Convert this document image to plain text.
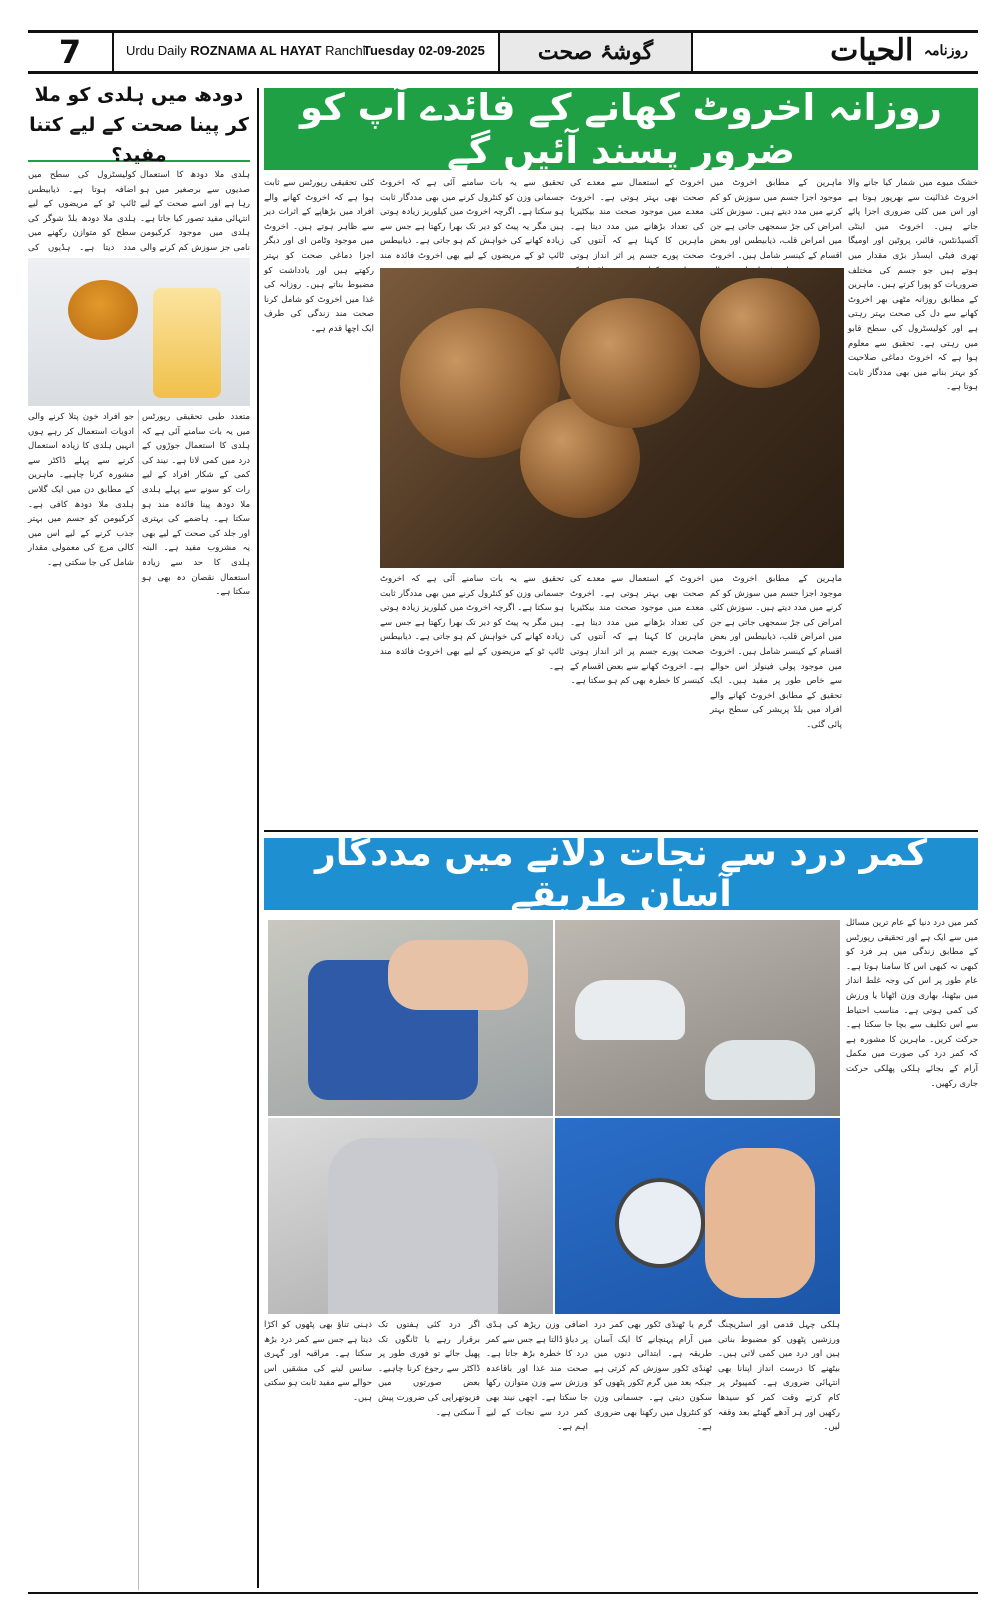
7	Urdu Daily ROZNAMA AL HAYAT Ranchi
Tuesday 02-09-2025	گوشۂ صحت	$^{روزنامہ}$ الحیات
روزانہ اخروٹ کھانے کے فائدے آپ کو ضرور پسند آئیں گے
دودھ میں ہلدی کو ملا کر پینا صحت کے لیے کتنا مفید؟
ہلدی ملا دودھ کا استعمال صدیوں سے برصغیر میں ہو رہا ہے اور اسے صحت کے لیے انتہائی مفید تصور کیا جاتا ہے۔ ہلدی میں موجود کرکیومن نامی جز سوزش کم کرنے والی
کولیسٹرول کی سطح میں اضافہ ہوتا ہے۔ ذیابیطس ٹائپ ٹو کے مریضوں کے لیے ہلدی ملا دودھ بلڈ شوگر کی سطح کو متوازن رکھنے میں مدد دیتا ہے۔ ہڈیوں کی
متعدد طبی تحقیقی رپورٹس میں یہ بات سامنے آئی ہے کہ ہلدی کا استعمال جوڑوں کے درد میں کمی لاتا ہے۔ نیند کی کمی کے شکار افراد کے لیے رات کو سونے سے پہلے ہلدی ملا دودھ پینا فائدہ مند ہو سکتا ہے۔ ہاضمے کی بہتری اور جلد کی صحت کے لیے بھی یہ مشروب مفید ہے۔ البتہ ہلدی کا حد سے زیادہ استعمال نقصان دہ بھی ہو سکتا ہے۔
جو افراد خون پتلا کرنے والی ادویات استعمال کر رہے ہوں انہیں ہلدی کا زیادہ استعمال کرنے سے پہلے ڈاکٹر سے مشورہ کرنا چاہیے۔ ماہرین کے مطابق دن میں ایک گلاس ہلدی ملا دودھ کافی ہے۔ کرکیومن کو جسم میں بہتر جذب کرنے کے لیے اس میں کالی مرچ کی معمولی مقدار شامل کی جا سکتی ہے۔
خشک میوے میں شمار کیا جانے والا اخروٹ غذائیت سے بھرپور ہوتا ہے اور اس میں کئی ضروری اجزا پائے جاتے ہیں۔ اخروٹ میں اینٹی آکسیڈنٹس، فائبر، پروٹین اور اومیگا تھری فیٹی ایسڈز بڑی مقدار میں ہوتے ہیں جو جسم کی مختلف ضروریات کو پورا کرتے ہیں۔ ماہرین کے مطابق روزانہ مٹھی بھر اخروٹ کھانے سے دل کی صحت بہتر رہتی ہے اور کولیسٹرول کی سطح قابو میں رہتی ہے۔ تحقیق سے معلوم ہوا ہے کہ اخروٹ دماغی صلاحیت کو بہتر بنانے میں بھی مددگار ثابت ہوتا ہے۔
ماہرین کے مطابق اخروٹ میں موجود اجزا جسم میں سوزش کو کم کرنے میں مدد دیتے ہیں۔ سوزش کئی امراض کی جڑ سمجھی جاتی ہے جن میں امراض قلب، ذیابیطس اور بعض اقسام کے کینسر شامل ہیں۔ اخروٹ
اخروٹ کے استعمال سے معدے کی صحت بھی بہتر ہوتی ہے۔ اخروٹ معدے میں موجود صحت مند بیکٹیریا کی تعداد بڑھانے میں مدد دیتا ہے۔ ماہرین کا کہنا ہے کہ آنتوں کی صحت پورے جسم پر اثر انداز ہوتی
تحقیق سے یہ بات سامنے آئی ہے کہ اخروٹ جسمانی وزن کو کنٹرول کرنے میں بھی مددگار ثابت ہو سکتا ہے۔ اگرچہ اخروٹ میں کیلوریز زیادہ ہوتی ہیں مگر یہ پیٹ کو دیر تک بھرا رکھتا ہے جس سے زیادہ کھانے کی خواہش کم ہو جاتی ہے۔ ذیابیطس ٹائپ ٹو کے مریضوں کے لیے بھی اخروٹ فائدہ مند
کئی تحقیقی رپورٹس سے ثابت ہوا ہے کہ اخروٹ کھانے والے افراد میں بڑھاپے کے اثرات دیر سے ظاہر ہوتے ہیں۔ اخروٹ میں موجود وٹامن ای اور دیگر اجزا دماغی صحت کو بہتر رکھتے ہیں اور یادداشت کو مضبوط بناتے ہیں۔ روزانہ کی غذا میں اخروٹ کو شامل کرنا صحت مند زندگی کی طرف ایک اچھا قدم ہے۔
ماہرین کے مطابق اخروٹ میں موجود اجزا جسم میں سوزش کو کم کرنے میں مدد دیتے ہیں۔ سوزش کئی امراض کی جڑ سمجھی جاتی ہے جن میں امراض قلب، ذیابیطس اور بعض اقسام کے کینسر شامل ہیں۔ اخروٹ میں موجود پولی فینولز اس حوالے سے خاص طور پر مفید ہیں۔ ایک تحقیق کے مطابق اخروٹ کھانے والے افراد میں بلڈ پریشر کی سطح بہتر پائی گئی۔
اخروٹ کے استعمال سے معدے کی صحت بھی بہتر ہوتی ہے۔ اخروٹ معدے میں موجود صحت مند بیکٹیریا کی تعداد بڑھانے میں مدد دیتا ہے۔ ماہرین کا کہنا ہے کہ آنتوں کی صحت پورے جسم پر اثر انداز ہوتی ہے۔ اخروٹ کھانے سے بعض اقسام کے کینسر کا خطرہ بھی کم ہو سکتا ہے۔
تحقیق سے یہ بات سامنے آئی ہے کہ اخروٹ جسمانی وزن کو کنٹرول کرنے میں بھی مددگار ثابت ہو سکتا ہے۔ اگرچہ اخروٹ میں کیلوریز زیادہ ہوتی ہیں مگر یہ پیٹ کو دیر تک بھرا رکھتا ہے جس سے زیادہ کھانے کی خواہش کم ہو جاتی ہے۔ ذیابیطس ٹائپ ٹو کے مریضوں کے لیے بھی اخروٹ فائدہ مند ہے۔
کمر درد سے نجات دلانے میں مددگار آسان طریقے
کمر میں درد دنیا کے عام ترین مسائل میں سے ایک ہے اور تحقیقی رپورٹس کے مطابق زندگی میں ہر فرد کو کبھی نہ کبھی اس کا سامنا ہوتا ہے۔ عام طور پر اس کی وجہ غلط انداز میں بیٹھنا، بھاری وزن اٹھانا یا ورزش کی کمی ہوتی ہے۔ مناسب احتیاط سے اس تکلیف سے بچا جا سکتا ہے۔ حرکت کریں۔ ماہرین کا مشورہ ہے کہ کمر درد کی صورت میں مکمل آرام کے بجائے ہلکی پھلکی حرکت جاری رکھیں۔
ہلکی چہل قدمی اور اسٹریچنگ ورزشیں پٹھوں کو مضبوط بناتی ہیں اور درد میں کمی لاتی ہیں۔ بیٹھنے کا درست انداز اپنانا بھی انتہائی ضروری ہے۔ کمپیوٹر پر کام کرتے وقت کمر کو سیدھا رکھیں اور ہر آدھے گھنٹے بعد وقفہ لیں۔
گرم یا ٹھنڈی ٹکور بھی کمر درد میں آرام پہنچانے کا ایک آسان طریقہ ہے۔ ابتدائی دنوں میں ٹھنڈی ٹکور سوزش کم کرتی ہے جبکہ بعد میں گرم ٹکور پٹھوں کو سکون دیتی ہے۔ جسمانی وزن کو کنٹرول میں رکھنا بھی ضروری ہے۔
اضافی وزن ریڑھ کی ہڈی پر دباؤ ڈالتا ہے جس سے کمر درد کا خطرہ بڑھ جاتا ہے۔ صحت مند غذا اور باقاعدہ ورزش سے وزن متوازن رکھا جا سکتا ہے۔ اچھی نیند بھی کمر درد سے نجات کے لیے اہم ہے۔
اگر درد کئی ہفتوں تک برقرار رہے یا ٹانگوں تک پھیل جائے تو فوری طور پر ڈاکٹر سے رجوع کرنا چاہیے۔ بعض صورتوں میں فزیوتھراپی کی ضرورت پیش آ سکتی ہے۔
ذہنی تناؤ بھی پٹھوں کو اکڑا دیتا ہے جس سے کمر درد بڑھ سکتا ہے۔ مراقبہ اور گہری سانس لینے کی مشقیں اس حوالے سے مفید ثابت ہو سکتی ہیں۔
